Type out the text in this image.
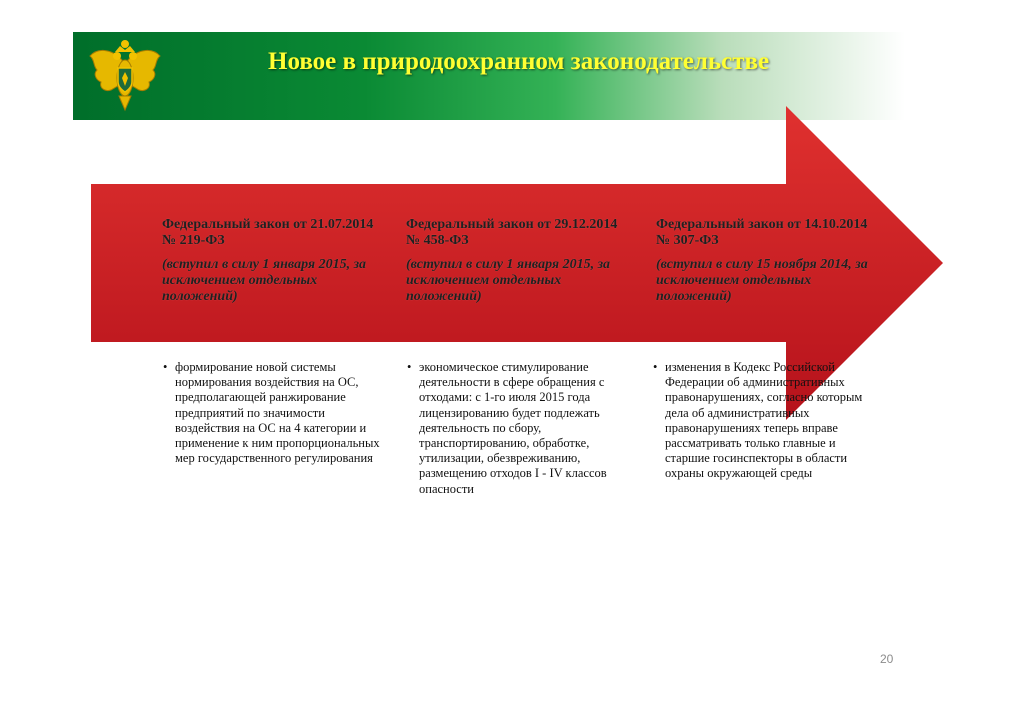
Новое в природоохранном законодательстве
Федеральный закон от 21.07.2014 № 219-ФЗ
(вступил в силу 1 января 2015, за исключением отдельных положений)
• формирование новой системы нормирования воздействия на ОС, предполагающей ранжирование предприятий по значимости воздействия на ОС на 4 категории и применение к ним пропорциональных мер государственного регулирования
Федеральный закон от 29.12.2014 № 458-ФЗ
(вступил в силу 1 января 2015, за исключением отдельных положений)
• экономическое стимулирование деятельности в сфере обращения с отходами: с 1-го июля 2015 года лицензированию будет подлежать деятельность по сбору, транспортированию, обработке, утилизации, обезвреживанию, размещению отходов I - IV классов опасности
Федеральный закон от 14.10.2014 № 307-ФЗ
(вступил в силу 15 ноября 2014, за исключением отдельных положений)
• изменения в Кодекс Российской Федерации об административных правонарушениях, согласно которым дела об административных правонарушениях теперь вправе рассматривать только главные и старшие госинспекторы в области охраны окружающей среды
20
